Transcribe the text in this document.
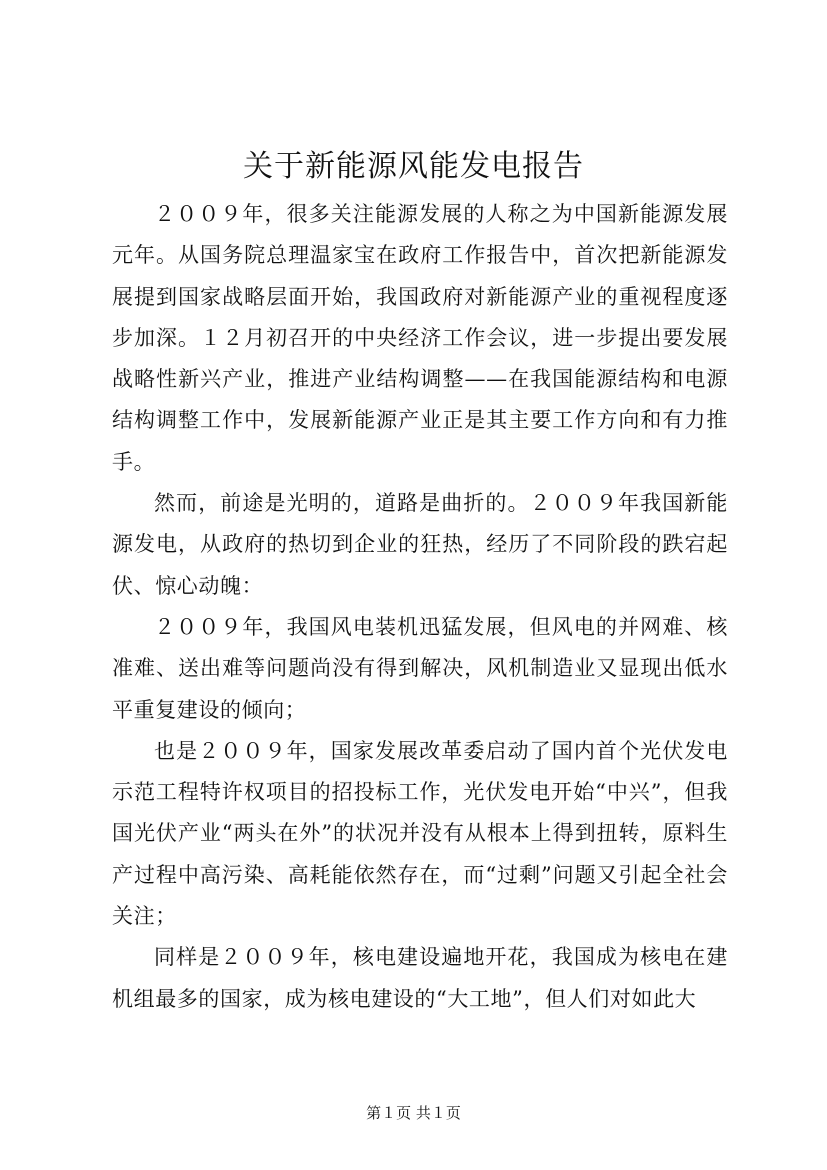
关于新能源风能发电报告

２００９年，很多关注能源发展的人称之为中国新能源发展元年。从国务院总理温家宝在政府工作报告中，首次把新能源发展提到国家战略层面开始，我国政府对新能源产业的重视程度逐步加深。１２月初召开的中央经济工作会议，进一步提出要发展战略性新兴产业，推进产业结构调整——在我国能源结构和电源结构调整工作中，发展新能源产业正是其主要工作方向和有力推手。

然而，前途是光明的，道路是曲折的。２００９年我国新能源发电，从政府的热切到企业的狂热，经历了不同阶段的跌宕起伏、惊心动魄：

２００９年，我国风电装机迅猛发展，但风电的并网难、核准难、送出难等问题尚没有得到解决，风机制造业又显现出低水平重复建设的倾向；

也是２００９年，国家发展改革委启动了国内首个光伏发电示范工程特许权项目的招投标工作，光伏发电开始“中兴”，但我国光伏产业“两头在外”的状况并没有从根本上得到扭转，原料生产过程中高污染、高耗能依然存在，而“过剩”问题又引起全社会关注；

同样是２００９年，核电建设遍地开花，我国成为核电在建机组最多的国家，成为核电建设的“大工地”，但人们对如此大

第１页 共１页
